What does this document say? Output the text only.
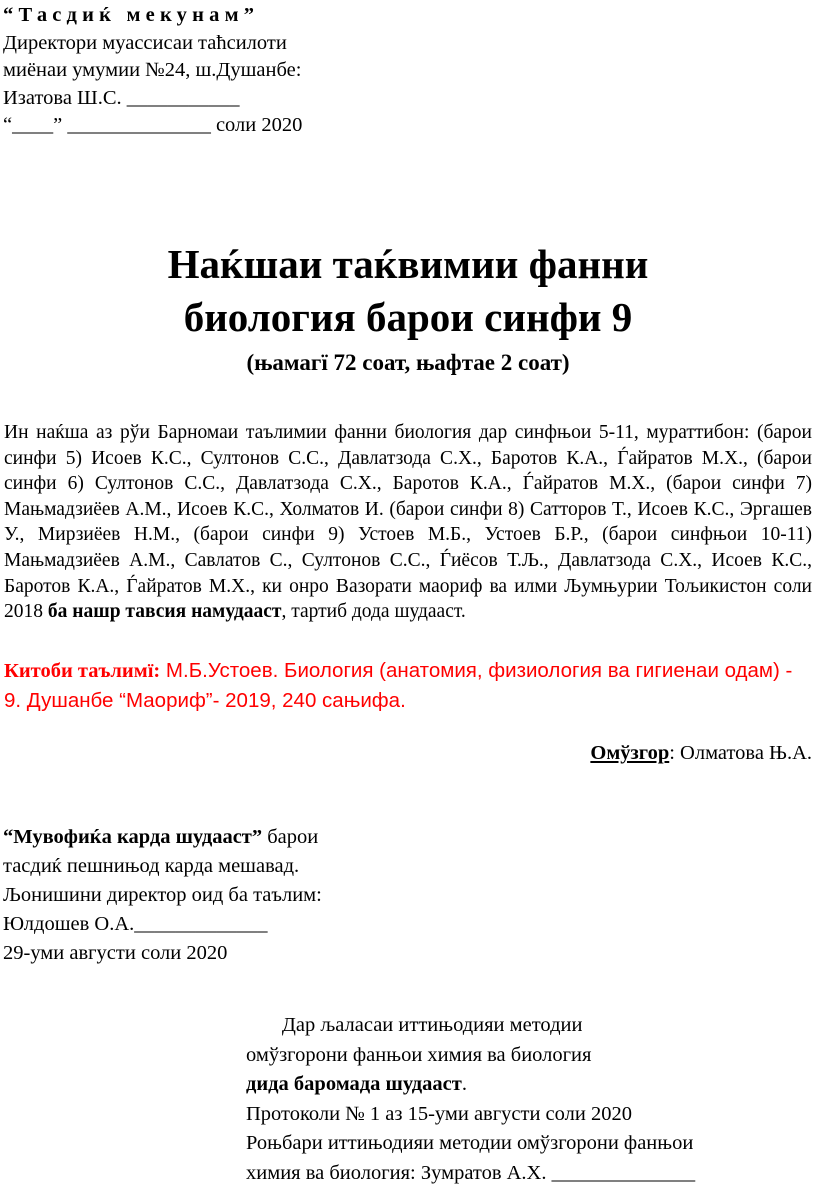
“Тасдиќ мекунам”
Директори муассисаи таћсилоти
миёнаи умумии №24, ш.Душанбе:
Изатова Ш.С. ___________
“____” ______________ соли 2020
Наќшаи таќвимии фанни
биология барои синфи 9
(њамагї 72 соат, њафтае 2 соат)
Ин наќша аз рўи Барномаи таълимии фанни биология дар синфњои 5-11, мураттибон: (барои синфи 5) Исоев К.С., Султонов С.С., Давлатзода С.Х., Баротов К.А., Ѓайратов М.Х., (барои синфи 6) Султонов С.С., Давлатзода С.Х., Баротов К.А., Ѓайратов М.Х., (барои синфи 7) Мањмадзиёев А.М., Исоев К.С., Холматов И. (барои синфи 8) Сатторов Т., Исоев К.С., Эргашев У., Мирзиёев Н.М., (барои синфи 9) Устоев М.Б., Устоев Б.Р., (барои синфњои 10-11) Мањмадзиёев А.М., Савлатов С., Султонов С.С., Ѓиёсов Т.Љ., Давлатзода С.Х., Исоев К.С., Баротов К.А., Ѓайратов М.Х., ки онро Вазорати маориф ва илми Љумњурии Тољикистон соли 2018 ба нашр тавсия намудааст, тартиб дода шудааст.
Китоби таълимї: М.Б.Устоев. Биология (анатомия, физиология ва гигиенаи одам) - 9. Душанбе “Маориф”- 2019, 240 сањифа.
Омўзгор: Олматова Њ.А.
“Мувофиќа карда шудааст” барои
тасдиќ пешнињод карда мешавад.
Љонишини директор оид ба таълим:
Юлдошев О.А._____________
29-уми августи соли 2020
Дар љаласаи иттињодияи методии
омўзгорони фанњои химия ва биология
дида баромада шудааст.
Протоколи № 1 аз 15-уми августи соли 2020
Роњбари иттињодияи методии омўзгорони фанњои
химия ва биология: Зумратов А.Х. ______________
